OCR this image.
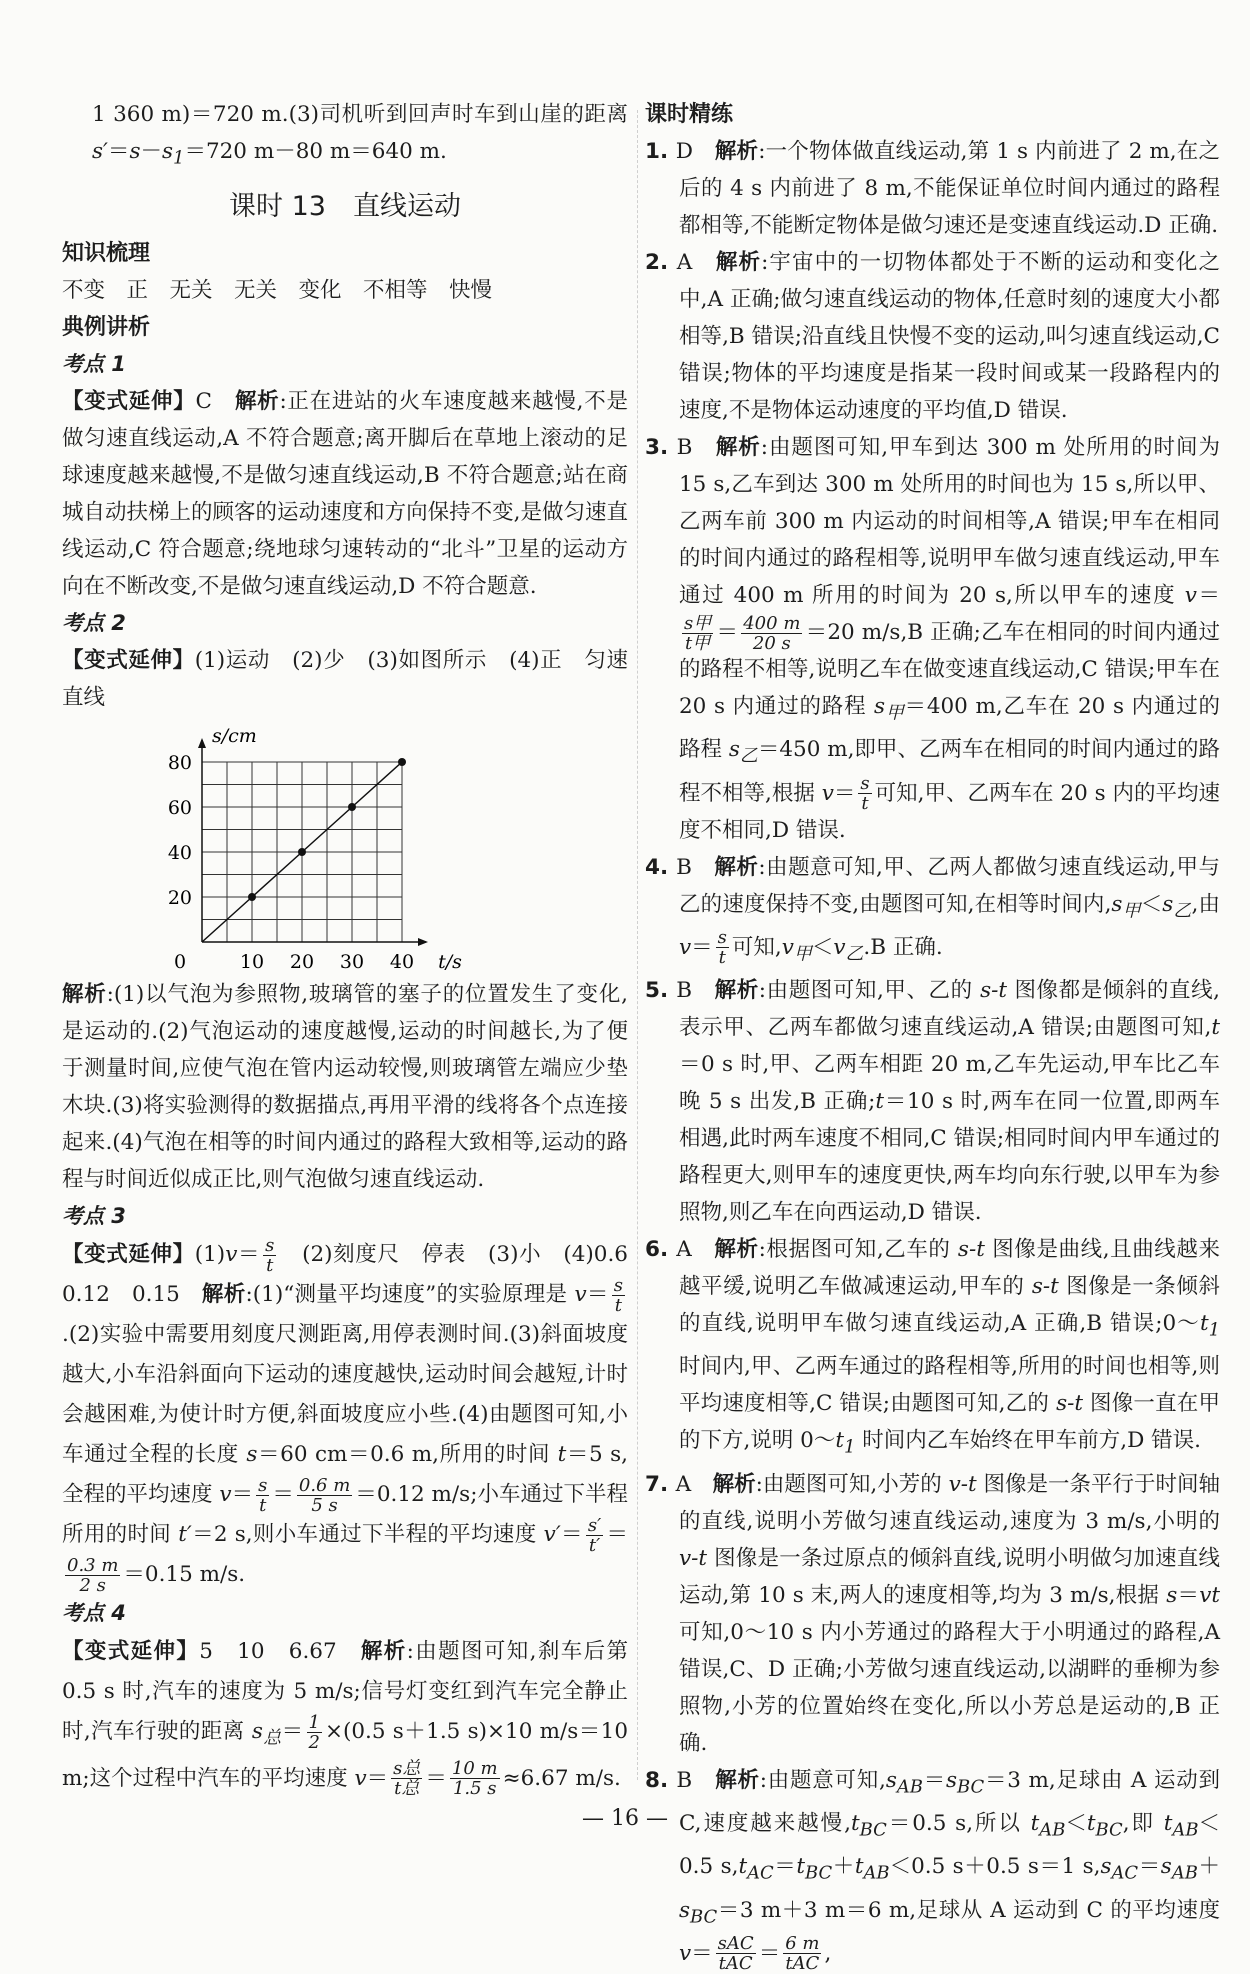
1 360 m)＝720 m.(3)司机听到回声时车到山崖的距离 $s'=s-s_1=720$ m－80 m＝640 m.
课时 13　直线运动
知识梳理
不变　正　无关　无关　变化　不相等　快慢
典例讲析
考点 1
【变式延伸】C　解析:正在进站的火车速度越来越慢,不是做匀速直线运动,A 不符合题意;离开脚后在草地上滚动的足球速度越来越慢,不是做匀速直线运动,B 不符合题意;站在商城自动扶梯上的顾客的运动速度和方向保持不变,是做匀速直线运动,C 符合题意;绕地球匀速转动的“北斗”卫星的运动方向在不断改变,不是做匀速直线运动,D 不符合题意.
考点 2
【变式延伸】(1)运动　(2)少　(3)如图所示　(4)正　匀速直线
0	10 20 30 40
20
40
60
80
s/cm
t/s
解析:(1)以气泡为参照物,玻璃管的塞子的位置发生了变化,是运动的.(2)气泡运动的速度越慢,运动的时间越长,为了便于测量时间,应使气泡在管内运动较慢,则玻璃管左端应少垫木块.(3)将实验测得的数据描点,再用平滑的线将各个点连接起来.(4)气泡在相等的时间内通过的路程大致相等,运动的路程与时间近似成正比,则气泡做匀速直线运动.
考点 3
【变式延伸】$(1)v= \frac{s}{t}$ 　(2)刻度尺　停表　(3)小　(4)0.6　0.12　0.15　解析:(1)“测量平均速度”的实验原理是 $v= \frac{s}{t}$
.(2)实验中需要用刻度尺测距离,用停表测时间.(3)斜面坡度越大,小车沿斜面向下运动的速度越快,运动时间会越短,计时会越困难,为使计时方便,斜面坡度应小些.(4)由题图可知,小车通过全程的长度 s＝60 cm＝0.6 m,所用的时间 t＝5 s,全程的平均速度 $v= \frac{s}{t} = \frac{0.6 m}{5 s} =0.12$ m/s;小车通过下半程所用的时间 t′＝2 s,则小车通过下半程的平均速度 $v'= \frac{s'}{t'}$ ＝
$\frac{0.3 m}{2 s} =0.15$ m/s.
考点 4
【变式延伸】5　10　6.67　解析:由题图可知,刹车后第 0.5 s 时,汽车的速度为 5 m/s;信号灯变红到汽车完全静止时,汽车行驶的距离 $s_总= \frac{1}{2} \times(0.5$ s＋1.5 s)×10 m/s＝10 m;这个过程中汽车的平均速度 $v= \frac{\text{s总}}{\text{t总}} = \frac{10 m}{1.5 s} \approx 6.67$ m/s.
课时精练
1. D　解析:一个物体做直线运动,第 1 s 内前进了 2 m,在之后的 4 s 内前进了 8 m,不能保证单位时间内通过的路程都相等,不能断定物体是做匀速还是变速直线运动.D 正确.
2. A　解析:宇宙中的一切物体都处于不断的运动和变化之中,A 正确;做匀速直线运动的物体,任意时刻的速度大小都相等,B 错误;沿直线且快慢不变的运动,叫匀速直线运动,C 错误;物体的平均速度是指某一段时间或某一段路程内的速度,不是物体运动速度的平均值,D 错误.
3. B　解析:由题图可知,甲车到达 300 m 处所用的时间为 15 s,乙车到达 300 m 处所用的时间也为 15 s,所以甲、乙两车前 300 m 内运动的时间相等,A 错误;甲车在相同的时间内通过的路程相等,说明甲车做匀速直线运动,甲车通过 400 m 所用的时间为 20 s,所以甲车的速度 v＝
$\frac{\text{s甲}}{\text{t甲}} = \frac{400 m}{20 s} =20$ m/s,B 正确;乙车在相同的时间内通过的路程不相等,说明乙车在做变速直线运动,C 错误;甲车在 20 s 内通过的路程 $s_甲=400$ m,乙车在 20 s 内通过的路程 $s_乙=450$ m,即甲、乙两车在相同的时间内通过的路程不相等,根据 $v= \frac{s}{t}$ 可知,甲、乙两车在 20 s 内的平均速度不相同,D 错误.
4. B　解析:由题意可知,甲、乙两人都做匀速直线运动,甲与乙的速度保持不变,由题图可知,在相等时间内$,s_甲<s_乙$,由 $v= \frac{s}{t}$ 可知$,v_甲<v_乙.B$ 正确.
5. B　解析:由题图可知,甲、乙的 s-t 图像都是倾斜的直线,表示甲、乙两车都做匀速直线运动,A 错误;由题图可知,t＝0 s 时,甲、乙两车相距 20 m,乙车先运动,甲车比乙车晚 5 s 出发,B 正确;t＝10 s 时,两车在同一位置,即两车相遇,此时两车速度不相同,C 错误;相同时间内甲车通过的路程更大,则甲车的速度更快,两车均向东行驶,以甲车为参照物,则乙车在向西运动,D 错误.
6. A　解析:根据图可知,乙车的 s-t 图像是曲线,且曲线越来越平缓,说明乙车做减速运动,甲车的 s-t 图像是一条倾斜的直线,说明甲车做匀速直线运动,A 正确,B 错误$;0\sim t_1$ 时间内,甲、乙两车通过的路程相等,所用的时间也相等,则平均速度相等,C 错误;由题图可知,乙的 s-t 图像一直在甲的下方,说明 $0\sim t_1$ 时间内乙车始终在甲车前方,D 错误.
7. A　解析:由题图可知,小芳的 v-t 图像是一条平行于时间轴的直线,说明小芳做匀速直线运动,速度为 3 m/s,小明的 v-t 图像是一条过原点的倾斜直线,说明小明做匀加速直线运动,第 10 s 末,两人的速度相等,均为 3 m/s,根据 s＝vt 可知,0～10 s 内小芳通过的路程大于小明通过的路程,A 错误,C、D 正确;小芳做匀速直线运动,以湖畔的垂柳为参照物,小芳的位置始终在变化,所以小芳总是运动的,B 正确.
8. B　解析:由题意可知$,s_{AB}=s_{BC}=3$ m,足球由 A 运动到 C,速度越来越慢$,t_{BC}=0.5$ s,所以 $t_{AB}<t_{BC}$,即 $t_{AB}<0.5$ $s,t_{AC}=t_{BC}+t_{AB}<0.5$ s＋0.5 s＝1 $s,s_{AC}=s_{AB}+s_{BC}=3$ m＋3 m＝6 m,足球从 A 运动到 C 的平均速度 $v= \frac{\text{sAC}}{\text{tAC}} = \frac{6 m}{\text{tAC}}$ ,
— 16 —
